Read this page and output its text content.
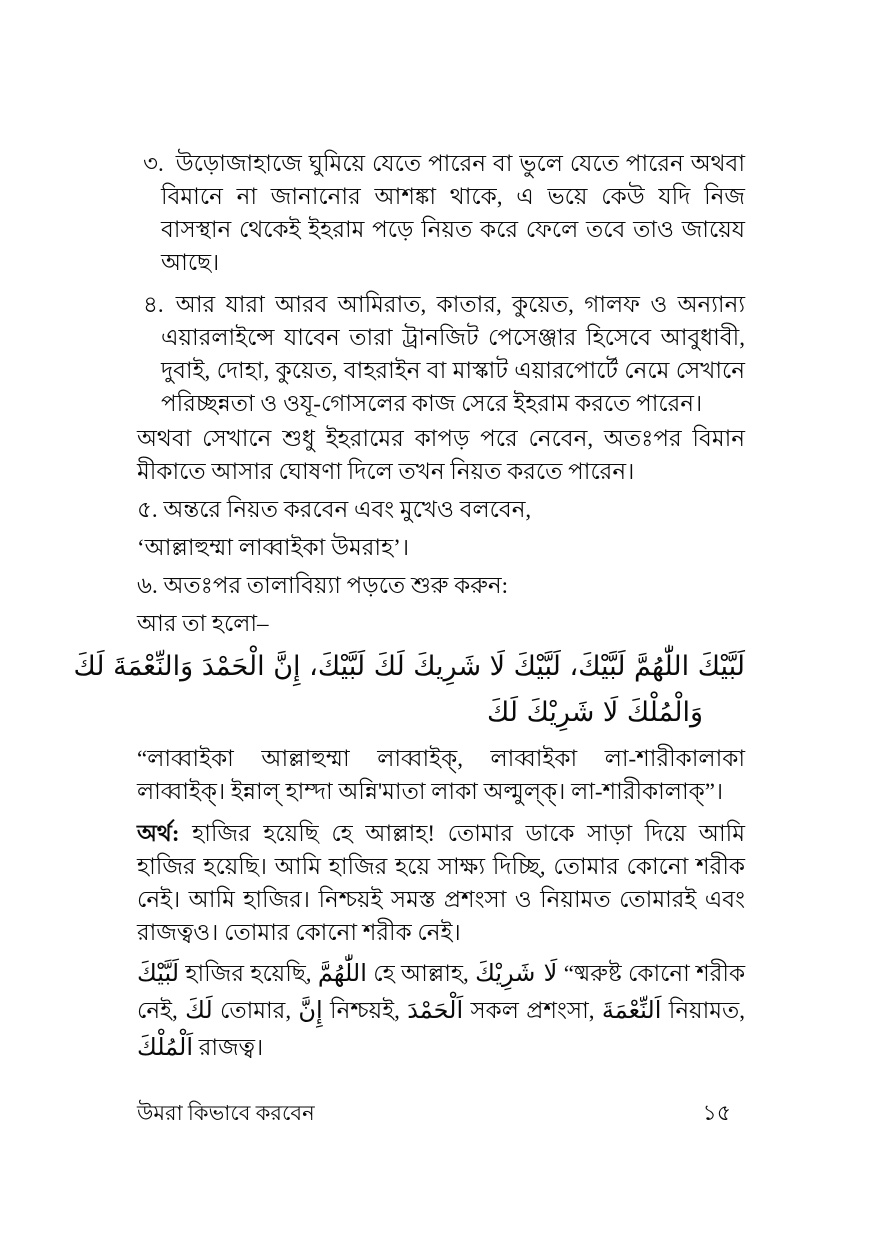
৩. উড়োজাহাজে ঘুমিয়ে যেতে পারেন বা ভুলে যেতে পারেন অথবা বিমানে না জানানোর আশঙ্কা থাকে, এ ভয়ে কেউ যদি নিজ বাসস্থান থেকেই ইহরাম পড়ে নিয়ত করে ফেলে তবে তাও জায়েয আছে।

৪. আর যারা আরব আমিরাত, কাতার, কুয়েত, গালফ ও অন্যান্য এয়ারলাইন্সে যাবেন তারা ট্রানজিট পেসেঞ্জার হিসেবে আবুধাবী, দুবাই, দোহা, কুয়েত, বাহরাইন বা মাস্কাট এয়ারপোর্টে নেমে সেখানে পরিচ্ছন্নতা ও ওযূ-গোসলের কাজ সেরে ইহরাম করতে পারেন।

অথবা সেখানে শুধু ইহরামের কাপড় পরে নেবেন, অতঃপর বিমান মীকাতে আসার ঘোষণা দিলে তখন নিয়ত করতে পারেন।

৫. অন্তরে নিয়ত করবেন এবং মুখেও বলবেন,

‘আল্লাহুম্মা লাব্বাইকা উমরাহ’।

৬. অতঃপর তালাবিয়্যা পড়তে শুরু করুন:

আর তা হলো–

لَبَّيْكَ اللّٰهُمَّ لَبَّيْكَ، لَبَّيْكَ لَا شَرِيكَ لَكَ لَبَّيْكَ، إِنَّ الْحَمْدَ وَالنِّعْمَةَ لَكَ
وَالْمُلْكَ لَا شَرِيْكَ لَكَ

“লাব্বাইকা আল্লাহুম্মা লাব্বাইক্, লাব্বাইকা লা-শারীকালাকা লাব্বাইক্। ইন্নাল্ হাম্দা অন্নি'মাতা লাকা অল্মুল্ক্। লা-শারীকালাক্”।

অর্থ: হাজির হয়েছি হে আল্লাহ! তোমার ডাকে সাড়া দিয়ে আমি হাজির হয়েছি। আমি হাজির হয়ে সাক্ষ্য দিচ্ছি, তোমার কোনো শরীক নেই। আমি হাজির। নিশ্চয়ই সমস্ত প্রশংসা ও নিয়ামত তোমারই এবং রাজত্বও। তোমার কোনো শরীক নেই।

لَبَّيْكَ হাজির হয়েছি, اللّٰهُمَّ হে আল্লাহ, لَا شَرِيْكَ “ষ্মরুষ্ট কোনো শরীক নেই, لَكَ তোমার, إِنَّ নিশ্চয়ই, اَلْحَمْدَ সকল প্রশংসা, اَلنِّعْمَةَ নিয়ামত, اَلْمُلْكَ রাজত্ব।

উমরা কিভাবে করবেন	১৫
